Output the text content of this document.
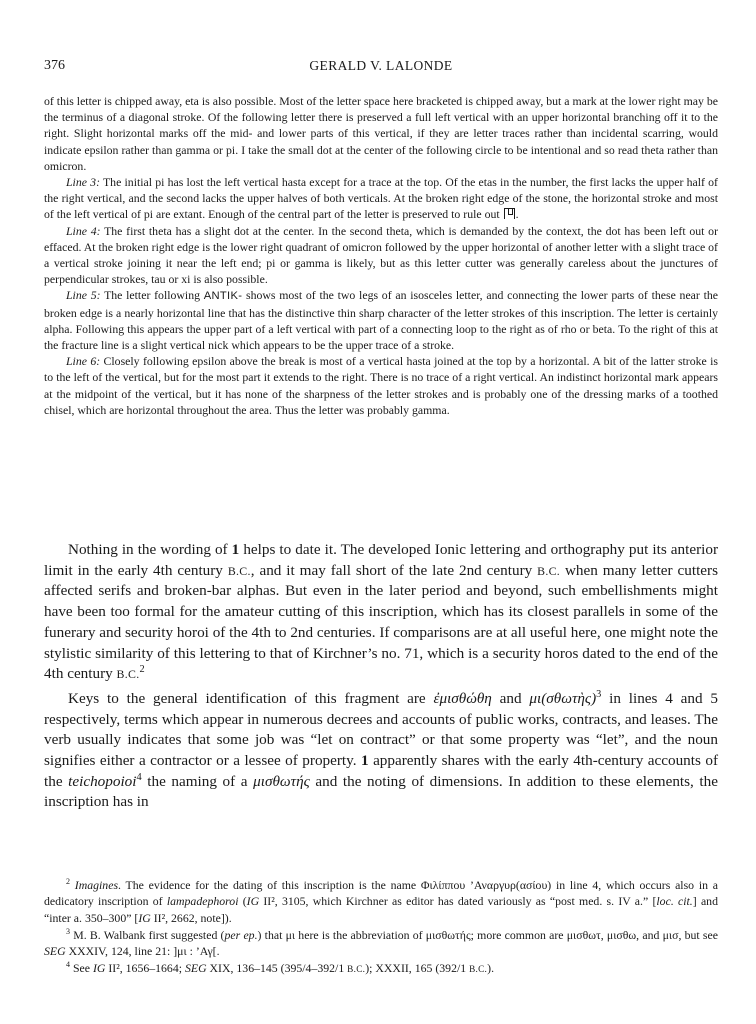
376	GERALD V. LALONDE

of this letter is chipped away, eta is also possible. Most of the letter space here bracketed is chipped away, but a mark at the lower right may be the terminus of a diagonal stroke. Of the following letter there is preserved a full left vertical with an upper horizontal branching off it to the right. Slight horizontal marks off the mid- and lower parts of this vertical, if they are letter traces rather than incidental scarring, would indicate epsilon rather than gamma or pi. I take the small dot at the center of the following circle to be intentional and so read theta rather than omicron.

Line 3: The initial pi has lost the left vertical hasta except for a trace at the top. Of the etas in the number, the first lacks the upper half of the right vertical, and the second lacks the upper halves of both verticals. At the broken right edge of the stone, the horizontal stroke and most of the left vertical of pi are extant. Enough of the central part of the letter is preserved to rule out .

Line 4: The first theta has a slight dot at the center. In the second theta, which is demanded by the context, the dot has been left out or effaced. At the broken right edge is the lower right quadrant of omicron followed by the upper horizontal of another letter with a slight trace of a vertical stroke joining it near the left end; pi or gamma is likely, but as this letter cutter was generally careless about the junctures of perpendicular strokes, tau or xi is also possible.

Line 5: The letter following ANTIK- shows most of the two legs of an isosceles letter, and connecting the lower parts of these near the broken edge is a nearly horizontal line that has the distinctive thin sharp character of the letter strokes of this inscription. The letter is certainly alpha. Following this appears the upper part of a left vertical with part of a connecting loop to the right as of rho or beta. To the right of this at the fracture line is a slight vertical nick which appears to be the upper trace of a stroke.

Line 6: Closely following epsilon above the break is most of a vertical hasta joined at the top by a horizontal. A bit of the latter stroke is to the left of the vertical, but for the most part it extends to the right. There is no trace of a right vertical. An indistinct horizontal mark appears at the midpoint of the vertical, but it has none of the sharpness of the letter strokes and is probably one of the dressing marks of a toothed chisel, which are horizontal throughout the area. Thus the letter was probably gamma.

Nothing in the wording of 1 helps to date it. The developed Ionic lettering and orthography put its anterior limit in the early 4th century B.C., and it may fall short of the late 2nd century B.C. when many letter cutters affected serifs and broken-bar alphas. But even in the later period and beyond, such embellishments might have been too formal for the amateur cutting of this inscription, which has its closest parallels in some of the funerary and security horoi of the 4th to 2nd centuries. If comparisons are at all useful here, one might note the stylistic similarity of this lettering to that of Kirchner’s no. 71, which is a security horos dated to the end of the 4th century B.C.$^2$

Keys to the general identification of this fragment are ἐμισθώθη and μι(σθωτὴς)$^3$ in lines 4 and 5 respectively, terms which appear in numerous decrees and accounts of public works, contracts, and leases. The verb usually indicates that some job was “let on contract” or that some property was “let”, and the noun signifies either a contractor or a lessee of property. 1 apparently shares with the early 4th-century accounts of the teichopoioi$^4$ the naming of a μισθωτής and the noting of dimensions. In addition to these elements, the inscription has in

$^2$ Imagines. The evidence for the dating of this inscription is the name Φιλίππου ’Αναργυρ(ασίου) in line 4, which occurs also in a dedicatory inscription of lampadephoroi (IG II², 3105, which Kirchner as editor has dated variously as “post med. s. IV a.” [loc. cit.] and “inter a. 350–300” [IG II², 2662, note]).

$^3$ M. B. Walbank first suggested (per ep.) that μι here is the abbreviation of μισθωτής; more common are μισθωτ, μισθω, and μισ, but see SEG XXXIV, 124, line 21: ]μι : ’Αγ[.

$^4$ See IG II², 1656–1664; SEG XIX, 136–145 (395/4–392/1 B.C.); XXXII, 165 (392/1 B.C.).
